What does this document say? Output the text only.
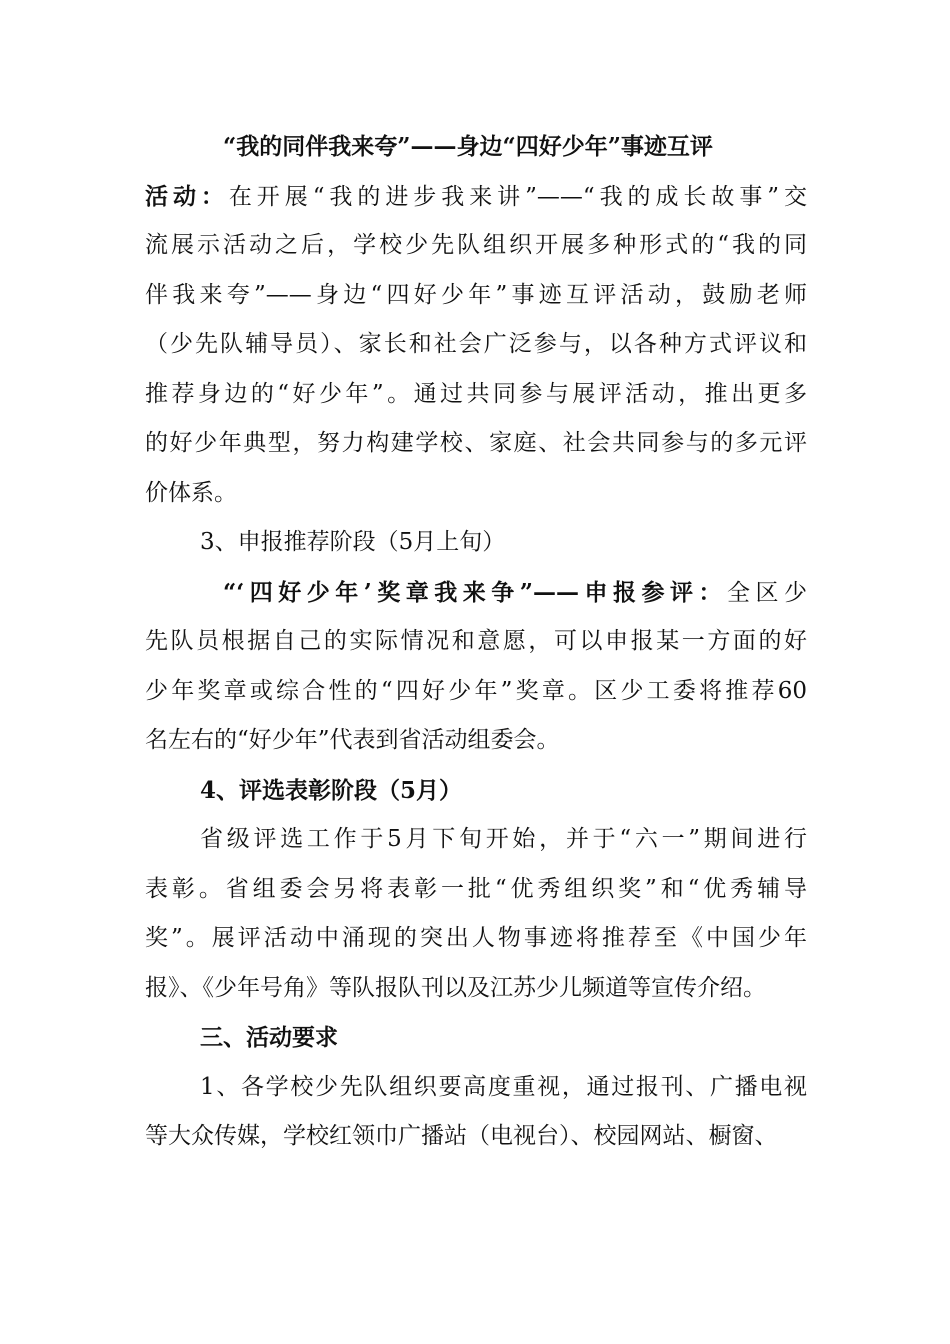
“我的同伴我来夸”——身边“四好少年”事迹互评
活动：在开展“我的进步我来讲”——“我的成长故事”交
流展示活动之后，学校少先队组织开展多种形式的“我的同
伴我来夸”——身边“四好少年”事迹互评活动，鼓励老师
（少先队辅导员）、家长和社会广泛参与，以各种方式评议和
推荐身边的“好少年”。通过共同参与展评活动，推出更多
的好少年典型，努力构建学校、家庭、社会共同参与的多元评
价体系。
3、申报推荐阶段（5月上旬）
“‘四好少年’奖章我来争”——申报参评：全区少
先队员根据自己的实际情况和意愿，可以申报某一方面的好
少年奖章或综合性的“四好少年”奖章。区少工委将推荐60
名左右的“好少年”代表到省活动组委会。
4、评选表彰阶段（5月）
省级评选工作于5月下旬开始，并于“六一”期间进行
表彰。省组委会另将表彰一批“优秀组织奖”和“优秀辅导
奖”。展评活动中涌现的突出人物事迹将推荐至《中国少年
报》、《少年号角》等队报队刊以及江苏少儿频道等宣传介绍。
三、活动要求
1、各学校少先队组织要高度重视，通过报刊、广播电视
等大众传媒，学校红领巾广播站（电视台）、校园网站、橱窗、
